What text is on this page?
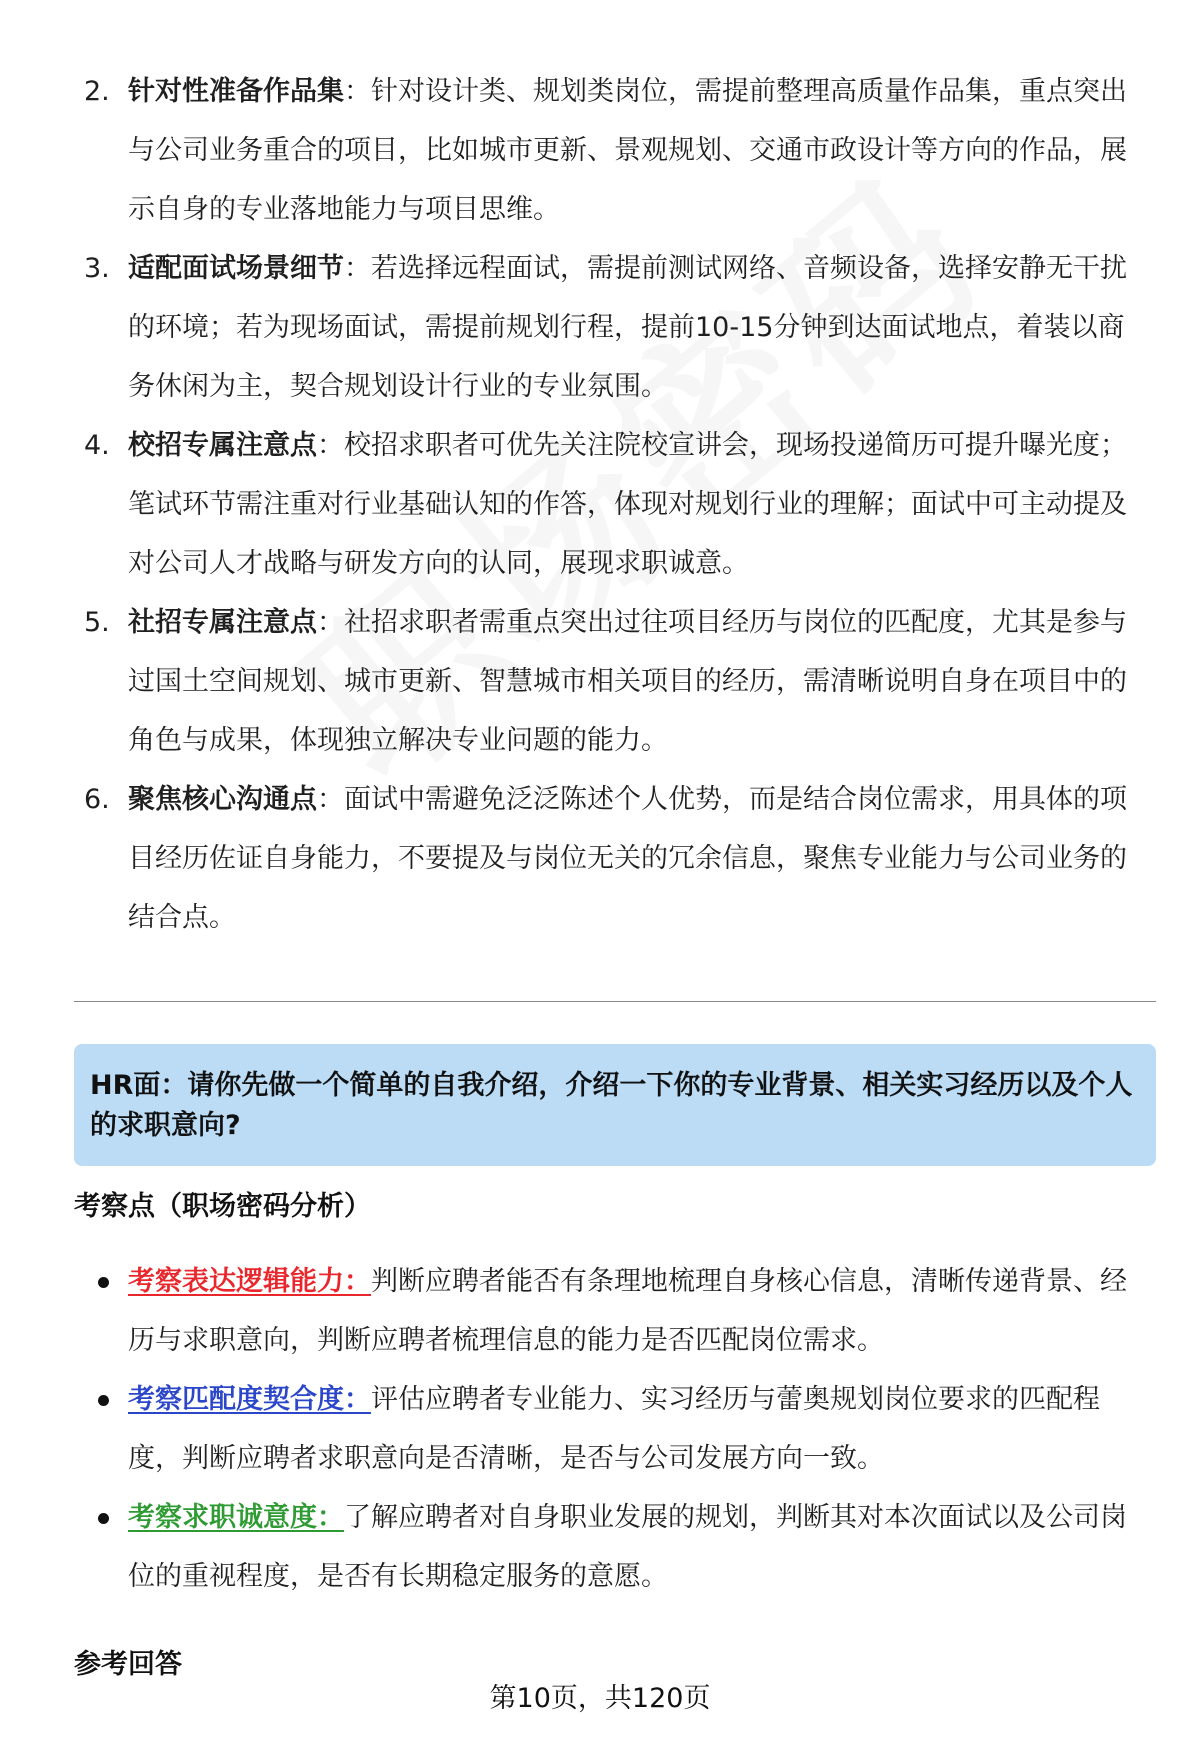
2. 针对性准备作品集：针对设计类、规划类岗位，需提前整理高质量作品集，重点突出与公司业务重合的项目，比如城市更新、景观规划、交通市政设计等方向的作品，展示自身的专业落地能力与项目思维。
3. 适配面试场景细节：若选择远程面试，需提前测试网络、音频设备，选择安静无干扰的环境；若为现场面试，需提前规划行程，提前10-15分钟到达面试地点，着装以商务休闲为主，契合规划设计行业的专业氛围。
4. 校招专属注意点：校招求职者可优先关注院校宣讲会，现场投递简历可提升曝光度；笔试环节需注重对行业基础认知的作答，体现对规划行业的理解；面试中可主动提及对公司人才战略与研发方向的认同，展现求职诚意。
5. 社招专属注意点：社招求职者需重点突出过往项目经历与岗位的匹配度，尤其是参与过国土空间规划、城市更新、智慧城市相关项目的经历，需清晰说明自身在项目中的角色与成果，体现独立解决专业问题的能力。
6. 聚焦核心沟通点：面试中需避免泛泛陈述个人优势，而是结合岗位需求，用具体的项目经历佐证自身能力，不要提及与岗位无关的冗余信息，聚焦专业能力与公司业务的结合点。
HR面：请你先做一个简单的自我介绍，介绍一下你的专业背景、相关实习经历以及个人的求职意向?
考察点（职场密码分析）
考察表达逻辑能力：判断应聘者能否有条理地梳理自身核心信息，清晰传递背景、经历与求职意向，判断应聘者梳理信息的能力是否匹配岗位需求。
考察匹配度契合度：评估应聘者专业能力、实习经历与蕾奥规划岗位要求的匹配程度，判断应聘者求职意向是否清晰，是否与公司发展方向一致。
考察求职诚意度：了解应聘者对自身职业发展的规划，判断其对本次面试以及公司岗位的重视程度，是否有长期稳定服务的意愿。
参考回答
第10页，共120页
